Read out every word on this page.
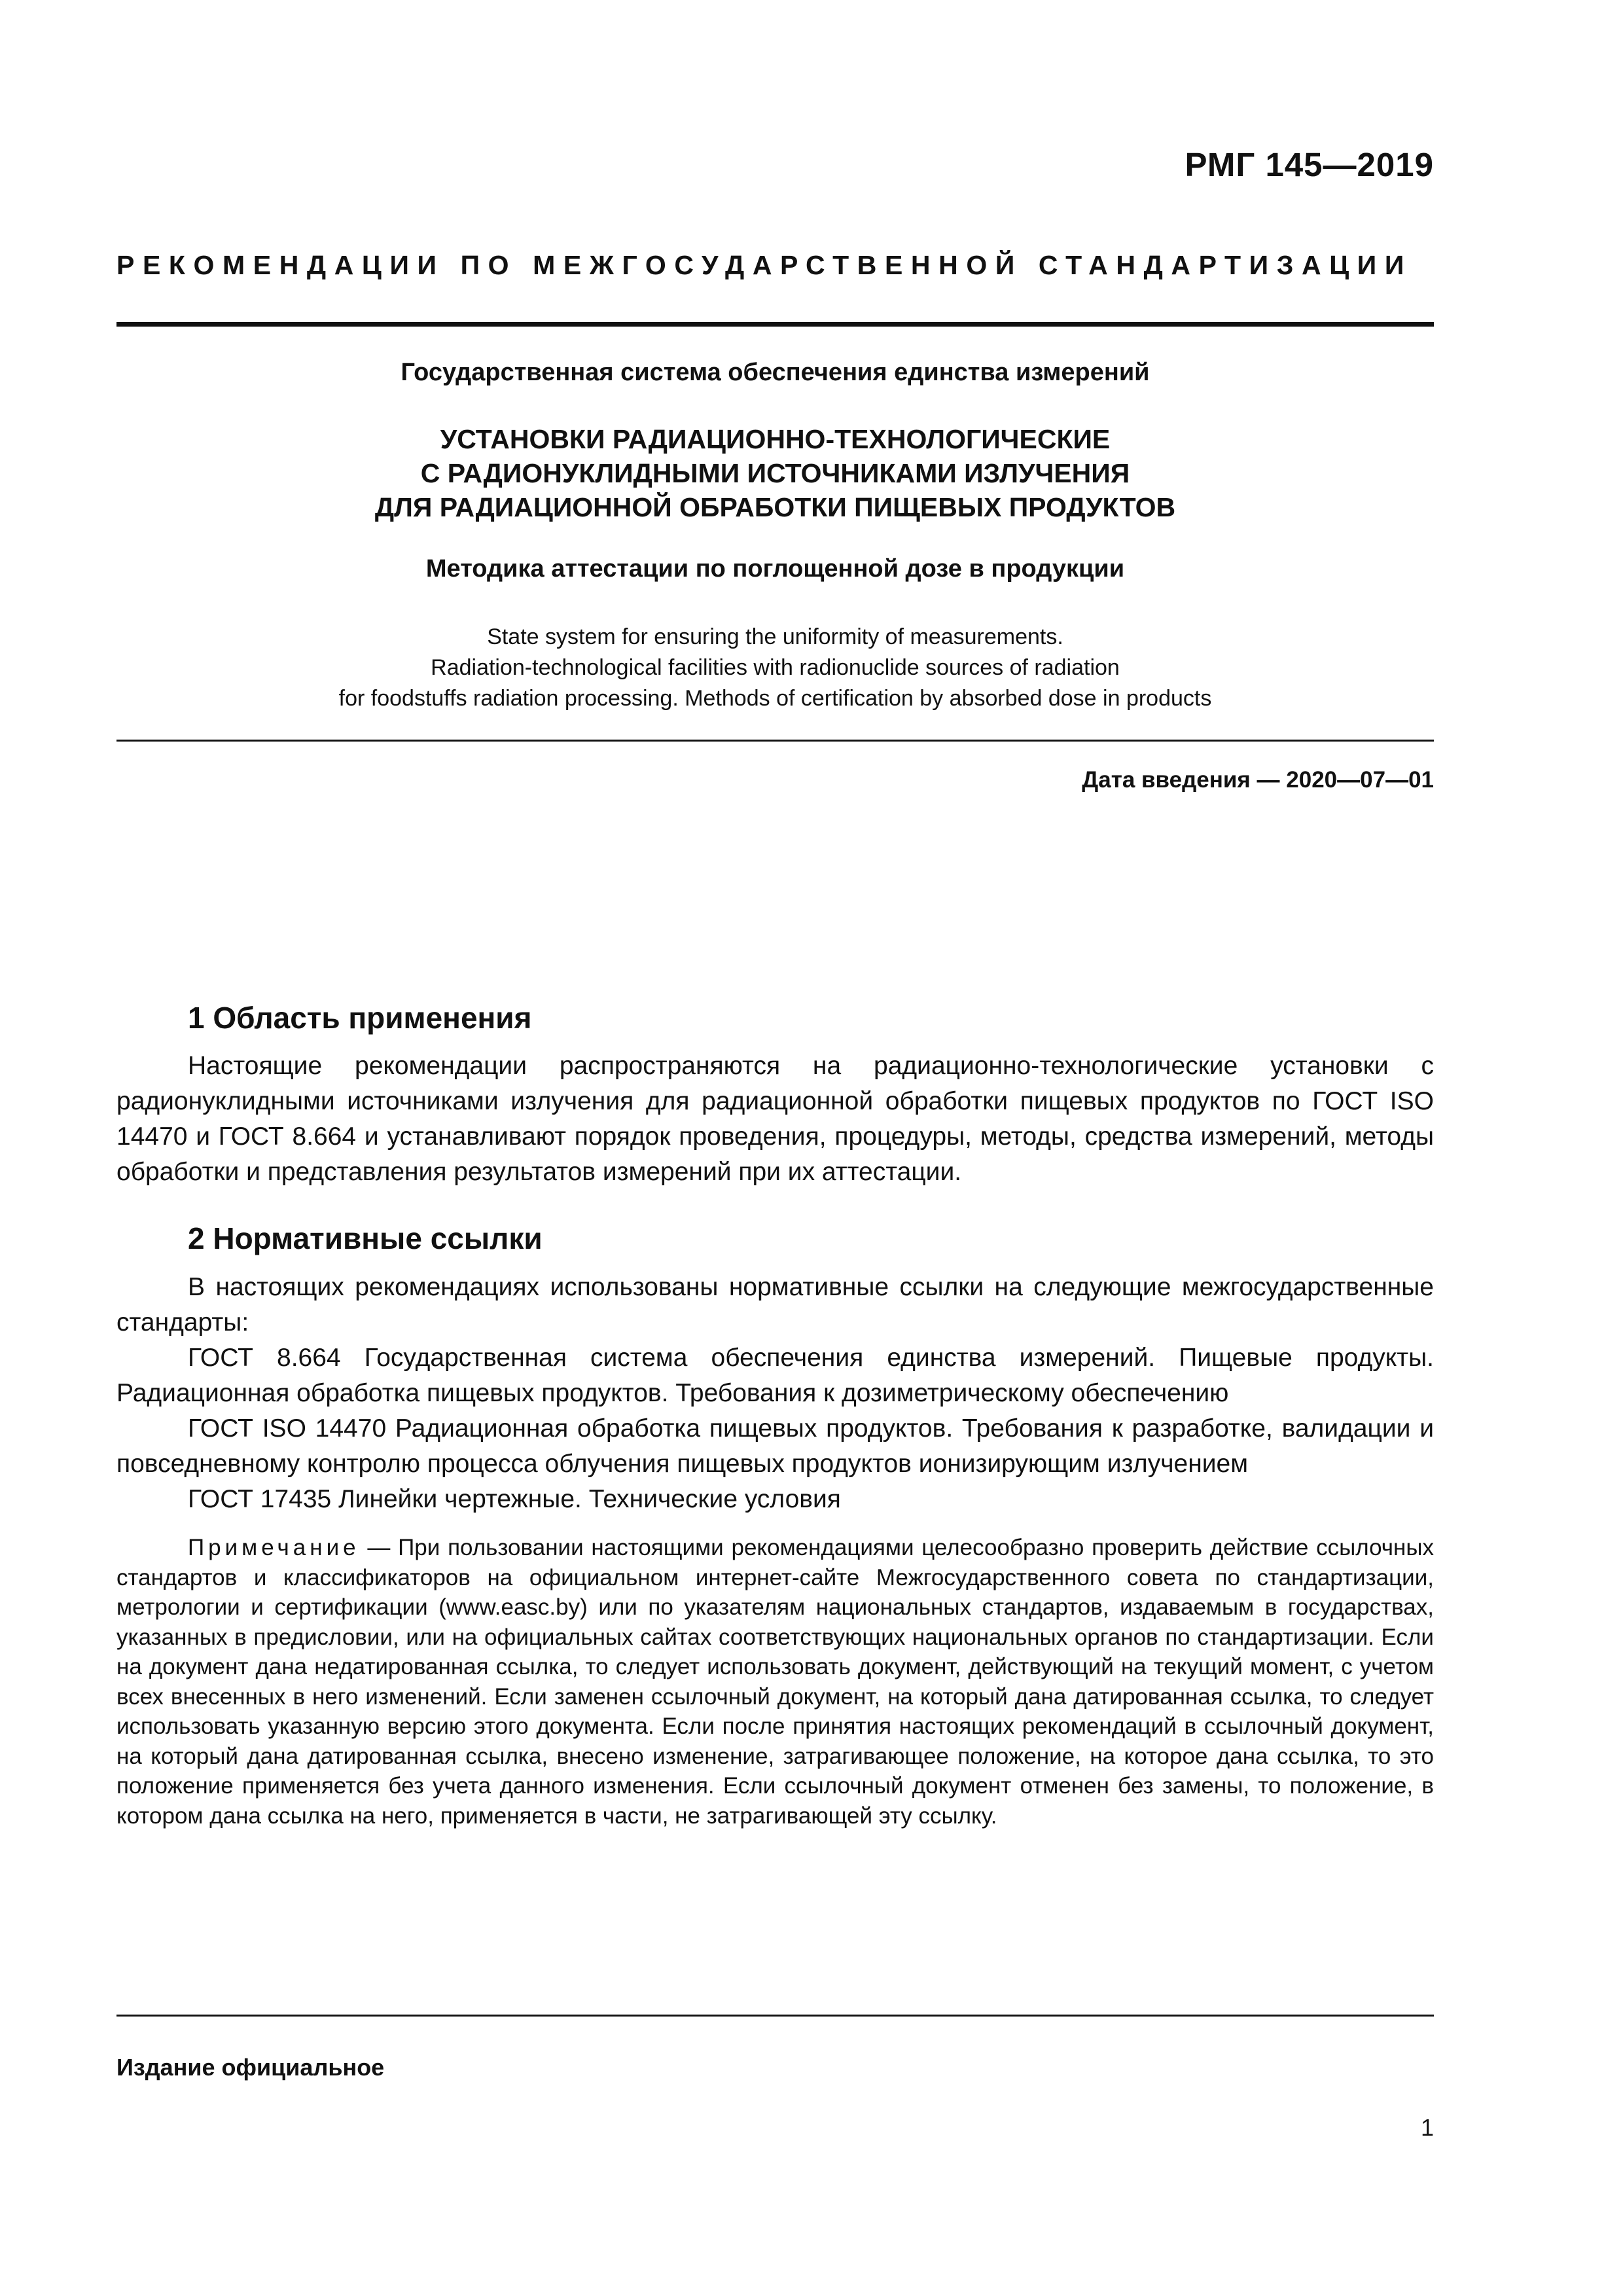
РМГ 145—2019
РЕКОМЕНДАЦИИ ПО МЕЖГОСУДАРСТВЕННОЙ СТАНДАРТИЗАЦИИ
Государственная система обеспечения единства измерений
УСТАНОВКИ РАДИАЦИОННО-ТЕХНОЛОГИЧЕСКИЕ
С РАДИОНУКЛИДНЫМИ ИСТОЧНИКАМИ ИЗЛУЧЕНИЯ
ДЛЯ РАДИАЦИОННОЙ ОБРАБОТКИ ПИЩЕВЫХ ПРОДУКТОВ
Методика аттестации по поглощенной дозе в продукции
State system for ensuring the uniformity of measurements.
Radiation-technological facilities with radionuclide sources of radiation
for foodstuffs radiation processing. Methods of certification by absorbed dose in products
Дата введения — 2020—07—01
1 Область применения

Настоящие рекомендации распространяются на радиационно-технологические установки с радионуклидными источниками излучения для радиационной обработки пищевых продуктов по ГОСТ ISO 14470 и ГОСТ 8.664 и устанавливают порядок проведения, процедуры, методы, средства измерений, методы обработки и представления результатов измерений при их аттестации.

2 Нормативные ссылки

В настоящих рекомендациях использованы нормативные ссылки на следующие межгосударственные стандарты:

ГОСТ 8.664 Государственная система обеспечения единства измерений. Пищевые продукты. Радиационная обработка пищевых продуктов. Требования к дозиметрическому обеспечению

ГОСТ ISO 14470 Радиационная обработка пищевых продуктов. Требования к разработке, валидации и повседневному контролю процесса облучения пищевых продуктов ионизирующим излучением

ГОСТ 17435 Линейки чертежные. Технические условия

Примечание — При пользовании настоящими рекомендациями целесообразно проверить действие ссылочных стандартов и классификаторов на официальном интернет-сайте Межгосударственного совета по стандартизации, метрологии и сертификации (www.easc.by) или по указателям национальных стандартов, издаваемым в государствах, указанных в предисловии, или на официальных сайтах соответствующих национальных органов по стандартизации. Если на документ дана недатированная ссылка, то следует использовать документ, действующий на текущий момент, с учетом всех внесенных в него изменений. Если заменен ссылочный документ, на который дана датированная ссылка, то следует использовать указанную версию этого документа. Если после принятия настоящих рекомендаций в ссылочный документ, на который дана датированная ссылка, внесено изменение, затрагивающее положение, на которое дана ссылка, то это положение применяется без учета данного изменения. Если ссылочный документ отменен без замены, то положение, в котором дана ссылка на него, применяется в части, не затрагивающей эту ссылку.

Издание официальное
1
